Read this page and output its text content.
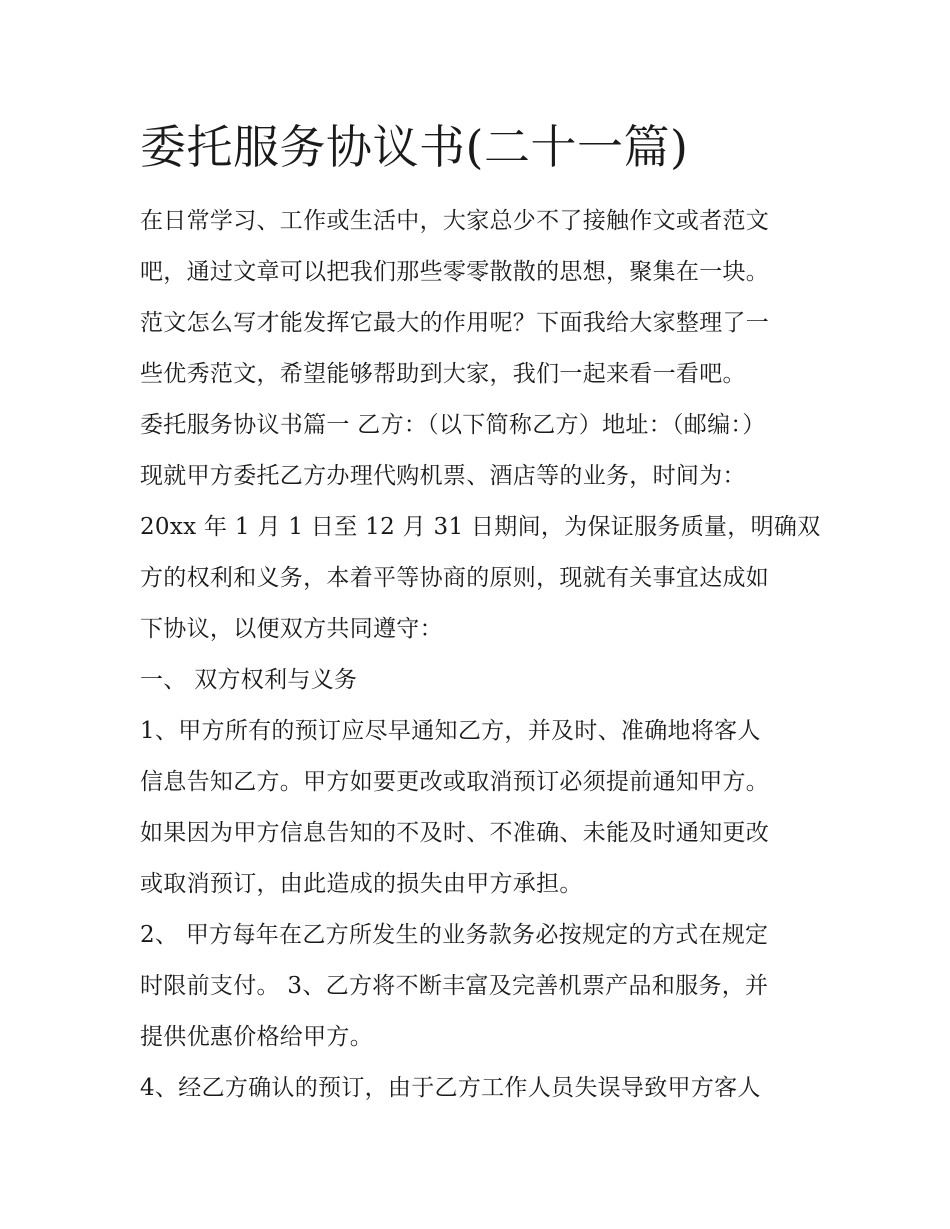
委托服务协议书(二十一篇)
在日常学习、工作或生活中，大家总少不了接触作文或者范文
吧，通过文章可以把我们那些零零散散的思想，聚集在一块。
范文怎么写才能发挥它最大的作用呢？下面我给大家整理了一
些优秀范文，希望能够帮助到大家，我们一起来看一看吧。
委托服务协议书篇一 乙方：（以下简称乙方）地址：（邮编：）
现就甲方委托乙方办理代购机票、酒店等的业务，时间为：
20xx 年 1 月 1 日至 12 月 31 日期间，为保证服务质量，明确双
方的权利和义务，本着平等协商的原则，现就有关事宜达成如
下协议，以便双方共同遵守：
一、 双方权利与义务
1、甲方所有的预订应尽早通知乙方，并及时、准确地将客人
信息告知乙方。甲方如要更改或取消预订必须提前通知甲方。
如果因为甲方信息告知的不及时、不准确、未能及时通知更改
或取消预订，由此造成的损失由甲方承担。
2、 甲方每年在乙方所发生的业务款务必按规定的方式在规定
时限前支付。 3、乙方将不断丰富及完善机票产品和服务，并
提供优惠价格给甲方。
4、经乙方确认的预订，由于乙方工作人员失误导致甲方客人
